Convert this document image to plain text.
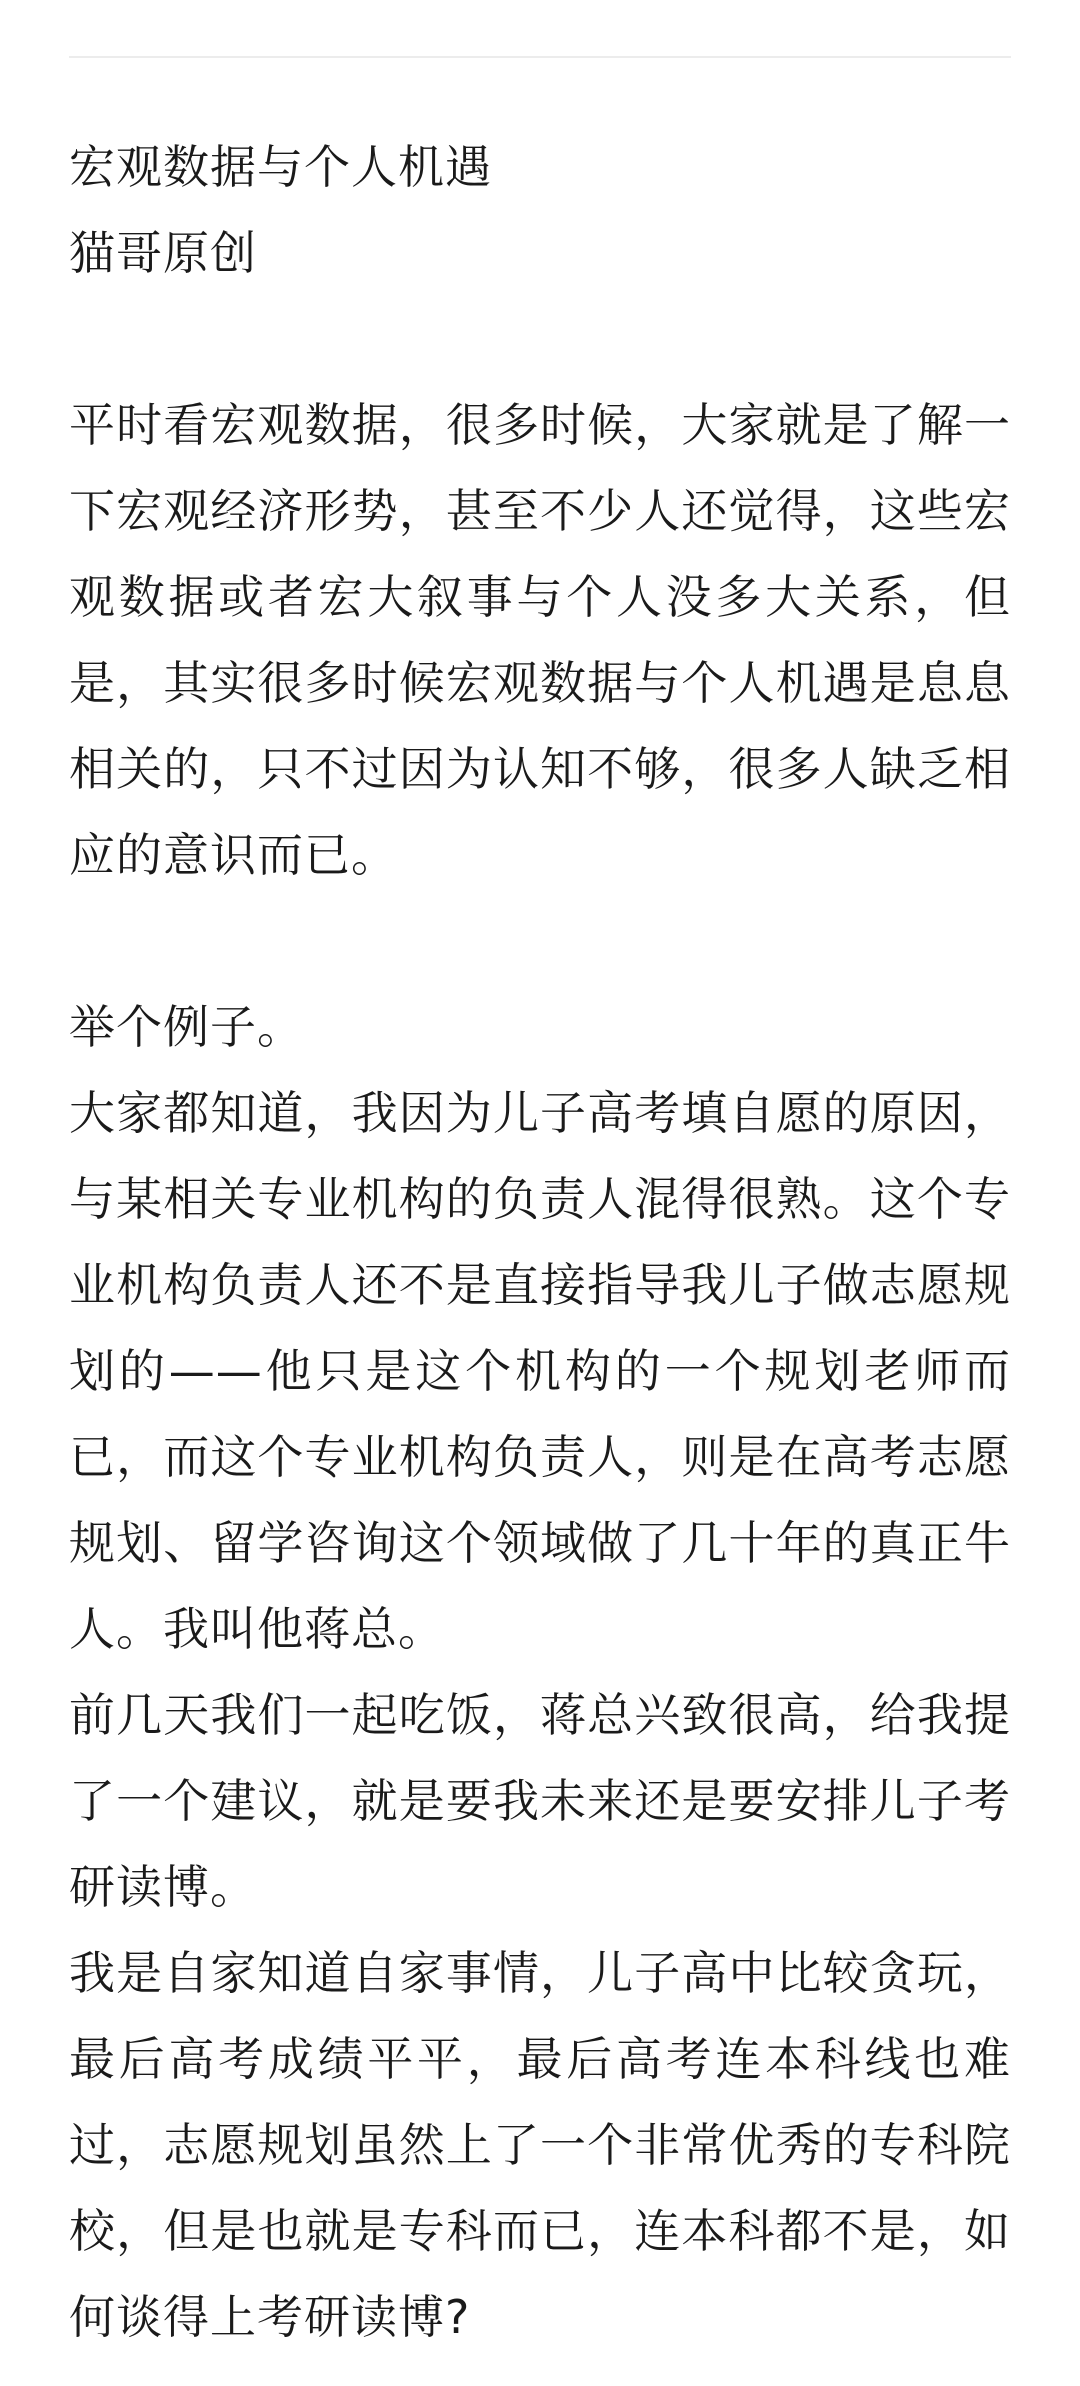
宏观数据与个人机遇

猫哥原创

平时看宏观数据，很多时候，大家就是了解一下宏观经济形势，甚至不少人还觉得，这些宏观数据或者宏大叙事与个人没多大关系，但是，其实很多时候宏观数据与个人机遇是息息相关的，只不过因为认知不够，很多人缺乏相应的意识而已。

举个例子。

大家都知道，我因为儿子高考填自愿的原因，与某相关专业机构的负责人混得很熟。这个专业机构负责人还不是直接指导我儿子做志愿规划的——他只是这个机构的一个规划老师而已，而这个专业机构负责人，则是在高考志愿规划、留学咨询这个领域做了几十年的真正牛人。我叫他蒋总。

前几天我们一起吃饭，蒋总兴致很高，给我提了一个建议，就是要我未来还是要安排儿子考研读博。

我是自家知道自家事情，儿子高中比较贪玩，最后高考成绩平平，最后高考连本科线也难过，志愿规划虽然上了一个非常优秀的专科院校，但是也就是专科而已，连本科都不是，如何谈得上考研读博?
